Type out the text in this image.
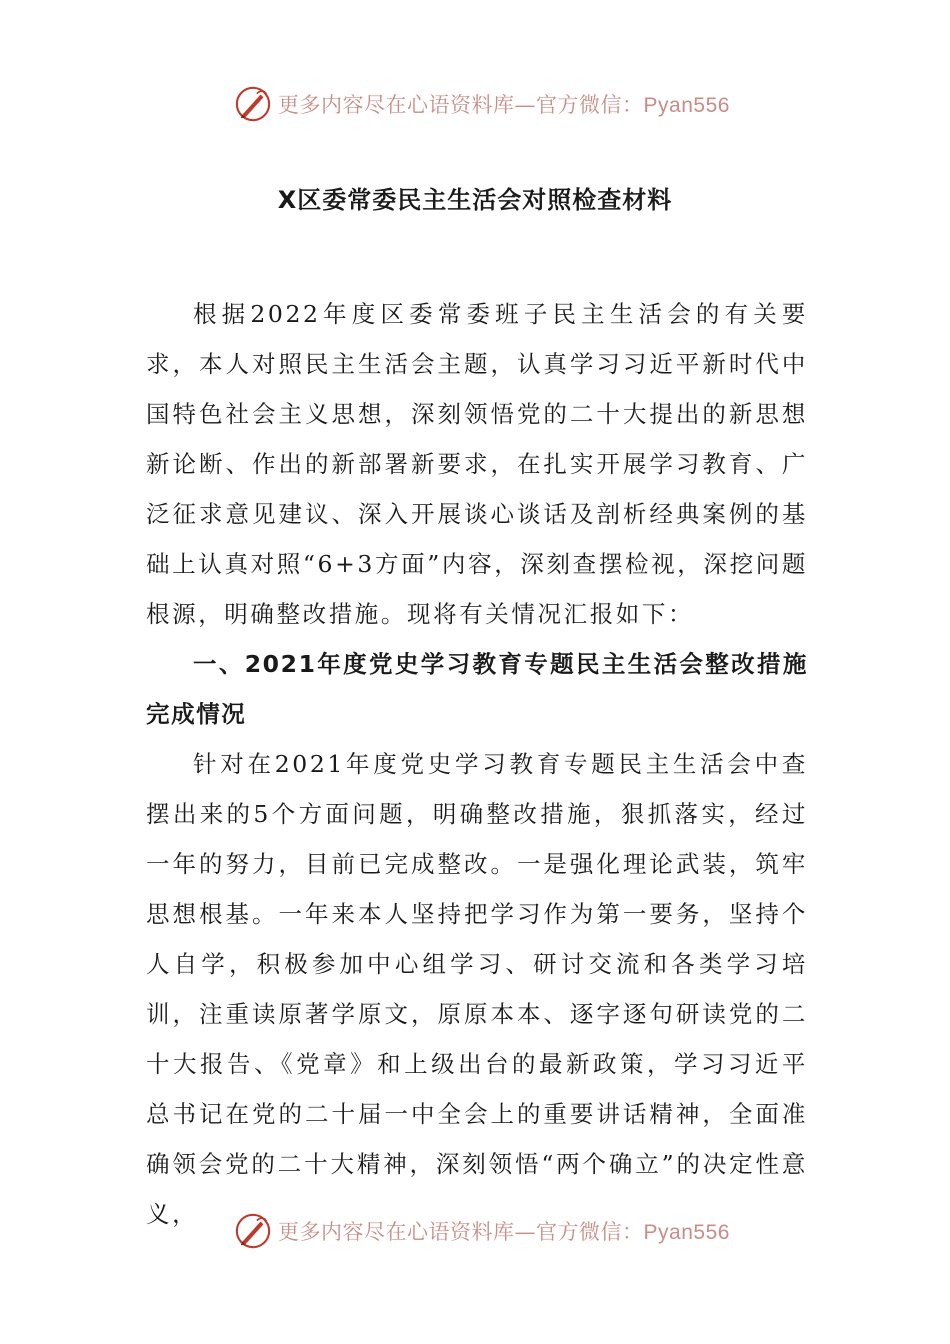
更多内容尽在心语资料库—官方微信：Pyan556
X区委常委民主生活会对照检查材料

根据2022年度区委常委班子民主生活会的有关要求，本人对照民主生活会主题，认真学习习近平新时代中国特色社会主义思想，深刻领悟党的二十大提出的新思想新论断、作出的新部署新要求，在扎实开展学习教育、广泛征求意见建议、深入开展谈心谈话及剖析经典案例的基础上认真对照“6+3方面”内容，深刻查摆检视，深挖问题根源，明确整改措施。现将有关情况汇报如下：

一、2021年度党史学习教育专题民主生活会整改措施完成情况

针对在2021年度党史学习教育专题民主生活会中查摆出来的5个方面问题，明确整改措施，狠抓落实，经过一年的努力，目前已完成整改。一是强化理论武装，筑牢思想根基。一年来本人坚持把学习作为第一要务，坚持个人自学，积极参加中心组学习、研讨交流和各类学习培训，注重读原著学原文，原原本本、逐字逐句研读党的二十大报告、《党章》和上级出台的最新政策，学习习近平总书记在党的二十届一中全会上的重要讲话精神，全面准确领会党的二十大精神，深刻领悟“两个确立”的决定性意义，

更多内容尽在心语资料库—官方微信：Pyan556
